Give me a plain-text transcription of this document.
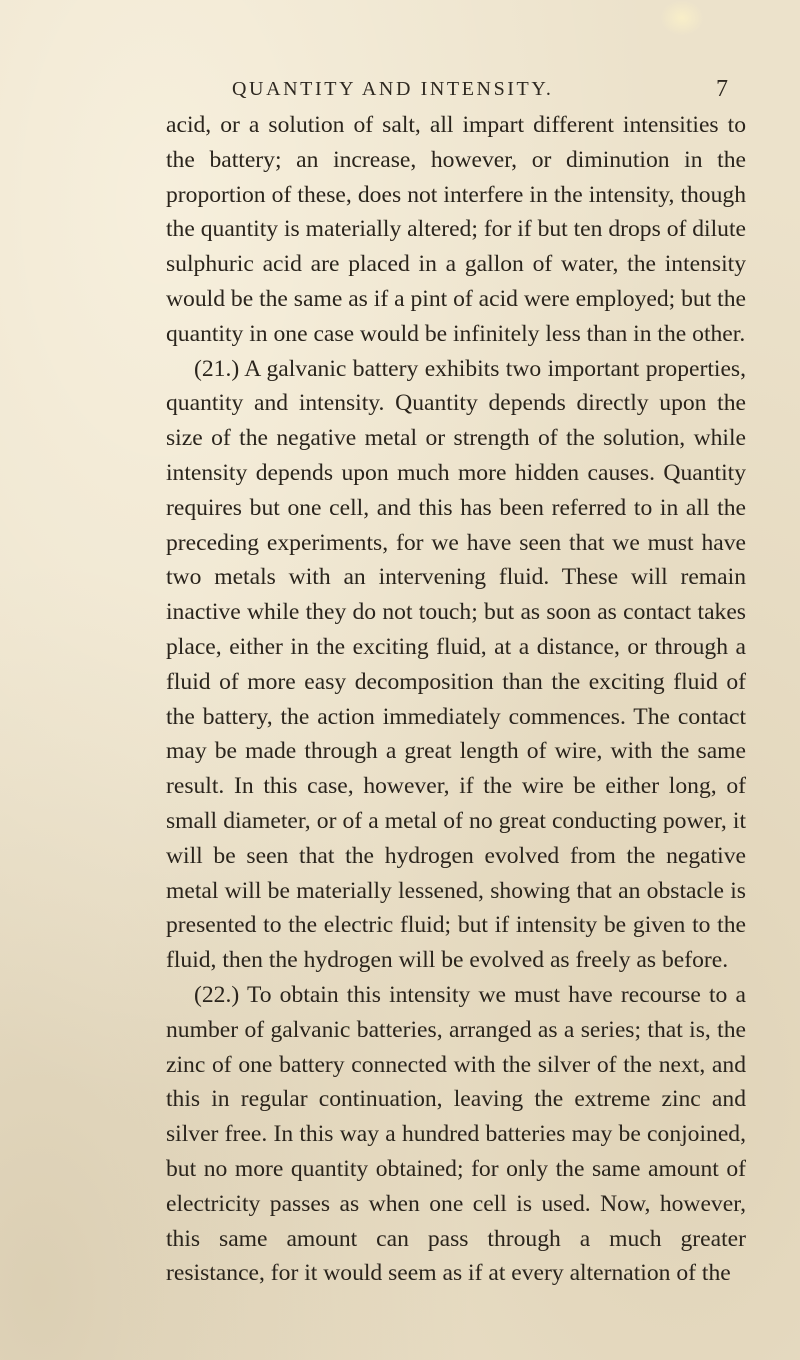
QUANTITY AND INTENSITY.	7

acid, or a solution of salt, all impart different intensities to the battery; an increase, however, or diminution in the proportion of these, does not interfere in the intensity, though the quantity is materially altered; for if but ten drops of dilute sulphuric acid are placed in a gallon of water, the intensity would be the same as if a pint of acid were employed; but the quantity in one case would be infinitely less than in the other.

(21.) A galvanic battery exhibits two important properties, quantity and intensity. Quantity depends directly upon the size of the negative metal or strength of the solution, while intensity depends upon much more hidden causes. Quantity requires but one cell, and this has been referred to in all the preceding experiments, for we have seen that we must have two metals with an intervening fluid. These will remain inactive while they do not touch; but as soon as contact takes place, either in the exciting fluid, at a distance, or through a fluid of more easy decomposition than the exciting fluid of the battery, the action immediately commences. The contact may be made through a great length of wire, with the same result. In this case, however, if the wire be either long, of small diameter, or of a metal of no great conducting power, it will be seen that the hydrogen evolved from the negative metal will be materially lessened, showing that an obstacle is presented to the electric fluid; but if intensity be given to the fluid, then the hydrogen will be evolved as freely as before.

(22.) To obtain this intensity we must have recourse to a number of galvanic batteries, arranged as a series; that is, the zinc of one battery connected with the silver of the next, and this in regular continuation, leaving the extreme zinc and silver free. In this way a hundred batteries may be conjoined, but no more quantity obtained; for only the same amount of electricity passes as when one cell is used. Now, however, this same amount can pass through a much greater resistance, for it would seem as if at every alternation of the
